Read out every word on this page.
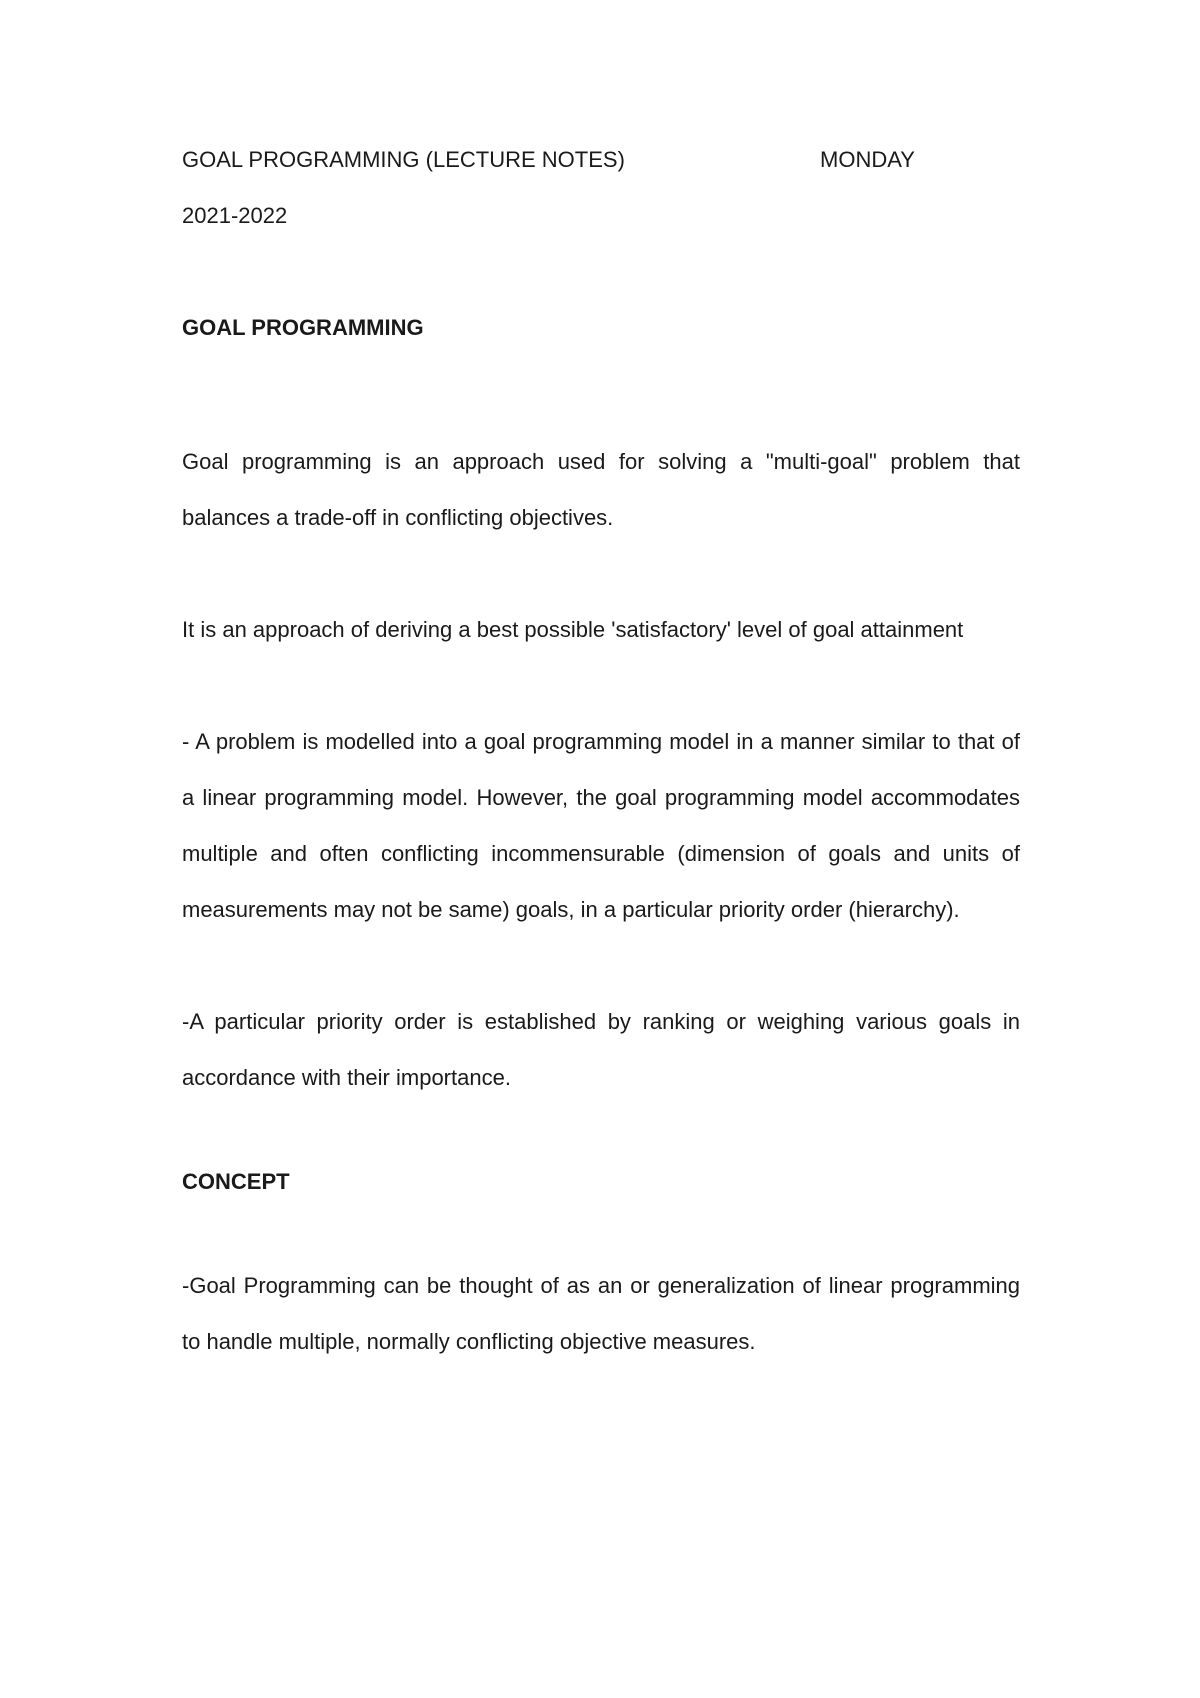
GOAL PROGRAMMING (LECTURE NOTES)	MONDAY
2021-2022
GOAL PROGRAMMING

Goal programming is an approach used for solving a "multi-goal" problem that balances a trade-off in conflicting objectives.

It is an approach of deriving a best possible 'satisfactory' level of goal attainment

- A problem is modelled into a goal programming model in a manner similar to that of a linear programming model. However, the goal programming model accommodates multiple and often conflicting incommensurable (dimension of goals and units of measurements may not be same) goals, in a particular priority order (hierarchy).

-A particular priority order is established by ranking or weighing various goals in accordance with their importance.

CONCEPT

-Goal Programming can be thought of as an or generalization of linear programming to handle multiple, normally conflicting objective measures.
